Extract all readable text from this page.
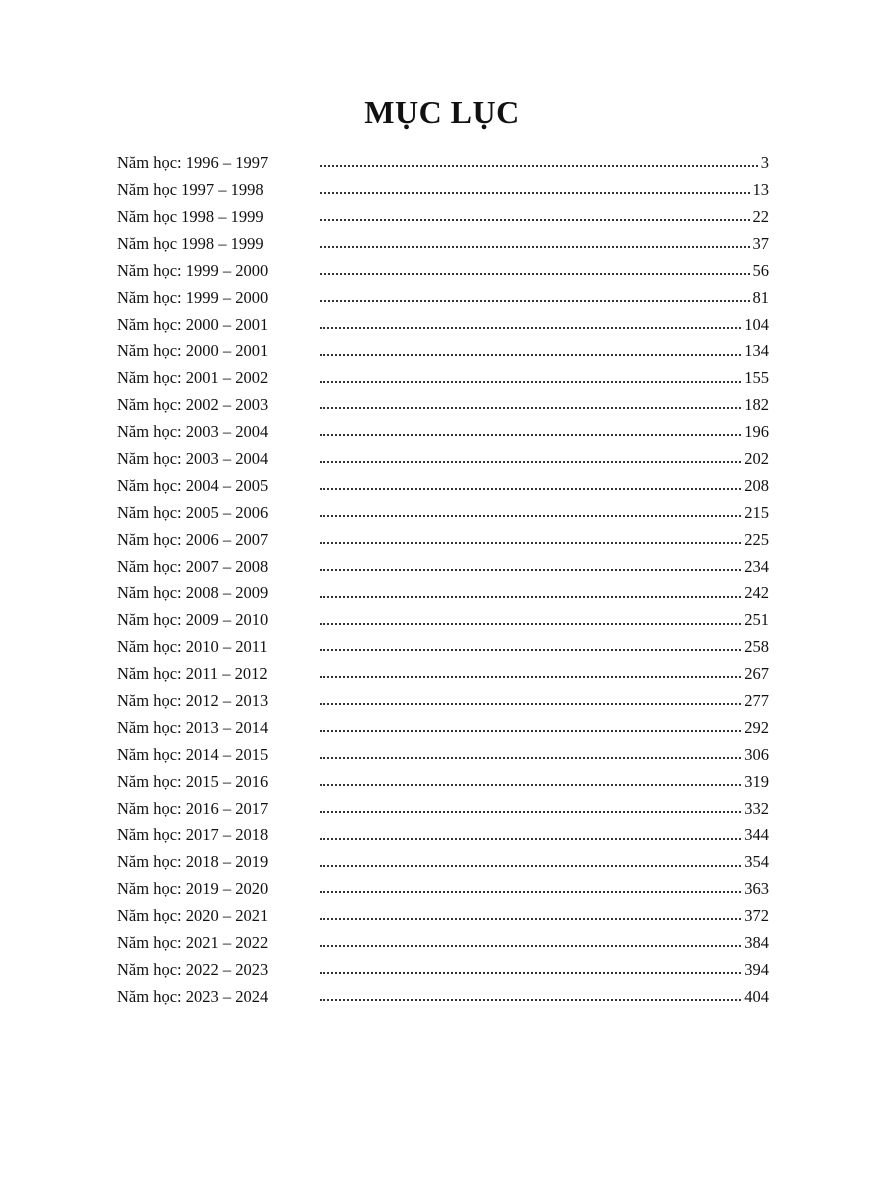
MỤC LỤC
Năm học: 1996 – 1997	3
Năm học 1997 – 1998	13
Năm học 1998 – 1999	22
Năm học 1998 – 1999	37
Năm học: 1999 – 2000	56
Năm học: 1999 – 2000	81
Năm học: 2000 – 2001	104
Năm học: 2000 – 2001	134
Năm học: 2001 – 2002	155
Năm học: 2002 – 2003	182
Năm học: 2003 – 2004	196
Năm học: 2003 – 2004	202
Năm học: 2004 – 2005	208
Năm học: 2005 – 2006	215
Năm học: 2006 – 2007	225
Năm học: 2007 – 2008	234
Năm học: 2008 – 2009	242
Năm học: 2009 – 2010	251
Năm học: 2010 – 2011	258
Năm học: 2011 – 2012	267
Năm học: 2012 – 2013	277
Năm học: 2013 – 2014	292
Năm học: 2014 – 2015	306
Năm học: 2015 – 2016	319
Năm học: 2016 – 2017	332
Năm học: 2017 – 2018	344
Năm học: 2018 – 2019	354
Năm học: 2019 – 2020	363
Năm học: 2020 – 2021	372
Năm học: 2021 – 2022	384
Năm học: 2022 – 2023	394
Năm học: 2023 – 2024	404
